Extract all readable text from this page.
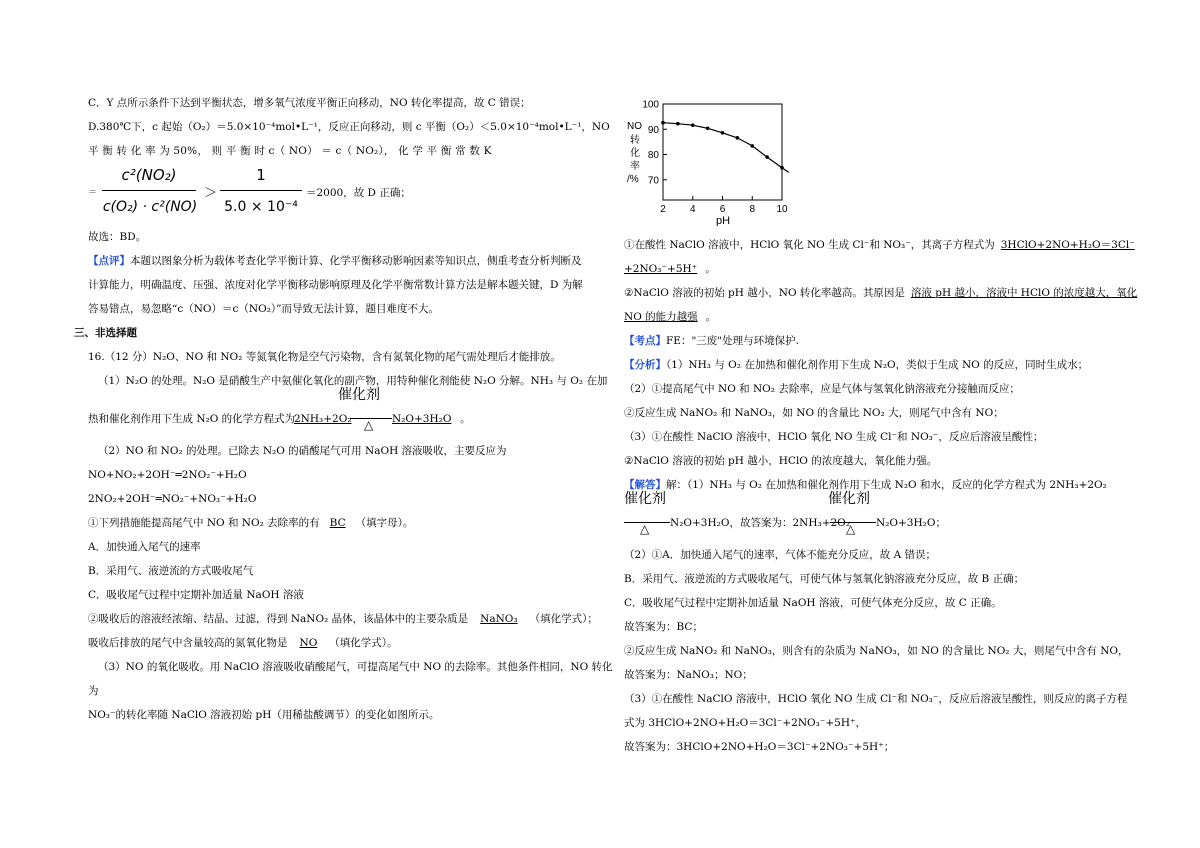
C．Y 点所示条件下达到平衡状态，增多氧气浓度平衡正向移动，NO 转化率提高，故 C 错误；
D.380℃下，c 起始（O₂）＝5.0×10⁻⁴mol•L⁻¹，反应正向移动，则 c 平衡（O₂）＜5.0×10⁻⁴mol•L⁻¹，NO
平 衡 转 化 率 为 50%， 则 平 衡 时 c（ NO） ＝ c（ NO₂）， 化 学 平 衡 常 数 K
＝
c²(NO₂)
c(O₂) · c²(NO)
＞
1
5.0 × 10⁻⁴
＝2000，故 D 正确；
故选：BD。
【点评】本题以图象分析为载体考查化学平衡计算、化学平衡移动影响因素等知识点，侧重考查分析判断及
计算能力，明确温度、压强、浓度对化学平衡移动影响原理及化学平衡常数计算方法是解本题关键，D 为解
答易错点，易忽略“c（NO）＝c（NO₂）”而导致无法计算，题目难度不大。
三、非选择题
16.（12 分）N₂O、NO 和 NO₂ 等氮氧化物是空气污染物，含有氮氧化物的尾气需处理后才能排放。
（1）N₂O 的处理。N₂O 是硝酸生产中氨催化氧化的副产物，用特种催化剂能使 N₂O 分解。NH₃ 与 O₂ 在加
催化剂
热和催化剂作用下生成 N₂O 的化学方程式为
2NH₃+2O₂ △ N₂O+3H₂O 。
（2）NO 和 NO₂ 的处理。已除去 N₂O 的硝酸尾气可用 NaOH 溶液吸收，主要反应为
NO+NO₂+2OH⁻═2NO₂⁻+H₂O
2NO₂+2OH⁻═NO₂⁻+NO₃⁻+H₂O
①下列措施能提高尾气中 NO 和 NO₂ 去除率的有 BC （填字母）。
A．加快通入尾气的速率
B．采用气、液逆流的方式吸收尾气
C．吸收尾气过程中定期补加适量 NaOH 溶液
②吸收后的溶液经浓缩、结晶、过滤，得到 NaNO₂ 晶体，该晶体中的主要杂质是 NaNO₃ （填化学式）；
吸收后排放的尾气中含量较高的氮氧化物是 NO （填化学式）。
（3）NO 的氧化吸收。用 NaClO 溶液吸收硝酸尾气，可提高尾气中 NO 的去除率。其他条件相同，NO 转化
为
NO₃⁻的转化率随 NaClO 溶液初始 pH（用稀盐酸调节）的变化如图所示。
NO
转
化
率
/%
100
90
80
70
2 4 6 8 10
pH
①在酸性 NaClO 溶液中，HClO 氧化 NO 生成 Cl⁻和 NO₃⁻，其离子方程式为 3HClO+2NO+H₂O＝3Cl⁻
+2NO₃⁻+5H⁺ 。
②NaClO 溶液的初始 pH 越小，NO 转化率越高。其原因是 溶液 pH 越小，溶液中 HClO 的浓度越大，氧化
NO 的能力越强 。
【考点】FE："三废"处理与环境保护.
【分析】（1）NH₃ 与 O₂ 在加热和催化剂作用下生成 N₂O，类似于生成 NO 的反应，同时生成水；
（2）①提高尾气中 NO 和 NO₂ 去除率，应是气体与氢氧化钠溶液充分接触而反应；
②反应生成 NaNO₂ 和 NaNO₃，如 NO 的含量比 NO₂ 大，则尾气中含有 NO；
（3）①在酸性 NaClO 溶液中，HClO 氧化 NO 生成 Cl⁻和 NO₃⁻，反应后溶液呈酸性；
②NaClO 溶液的初始 pH 越小，HClO 的浓度越大，氧化能力强。
【解答】解：（1）NH₃ 与 O₂ 在加热和催化剂作用下生成 N₂O 和水，反应的化学方程式为 2NH₃+2O₂
催化剂
△ N₂O+3H₂O，故答案为：2NH₃+2O₂
催化剂
△ N₂O+3H₂O；
（2）①A．加快通入尾气的速率，气体不能充分反应，故 A 错误；
B．采用气、液逆流的方式吸收尾气，可使气体与氢氧化钠溶液充分反应，故 B 正确；
C．吸收尾气过程中定期补加适量 NaOH 溶液，可使气体充分反应，故 C 正确。
故答案为：BC；
②反应生成 NaNO₂ 和 NaNO₃，则含有的杂质为 NaNO₃，如 NO 的含量比 NO₂ 大，则尾气中含有 NO，
故答案为：NaNO₃；NO；
（3）①在酸性 NaClO 溶液中，HClO 氧化 NO 生成 Cl⁻和 NO₃⁻，反应后溶液呈酸性，则反应的离子方程
式为 3HClO+2NO+H₂O＝3Cl⁻+2NO₃⁻+5H⁺，
故答案为：3HClO+2NO+H₂O＝3Cl⁻+2NO₃⁻+5H⁺；
